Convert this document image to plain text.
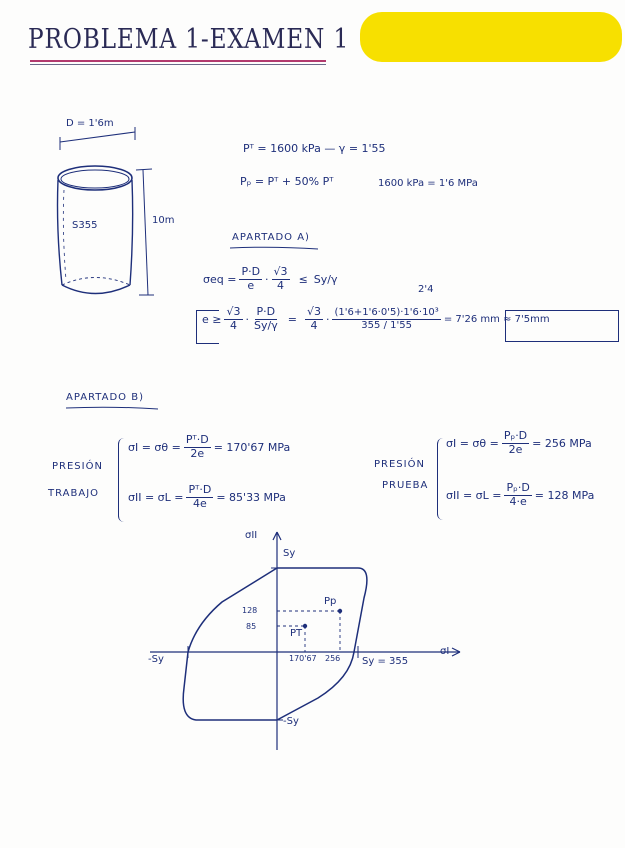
PROBLEMA 1-EXAMEN 1
D = 1'6m
10m
S355
Pᵀ = 1600 kPa — γ = 1'55
Pₚ = Pᵀ + 50% Pᵀ	1600 kPa = 1'6 MPa
APARTADO A)
$\sigma eq = \frac{P\cdot D}{e} \cdot \frac{√3}{4} \le Sy/\gamma$
2'4
$e \ge \frac{√3}{4} \cdot \frac{P\cdot D}{Sy/\gamma} = \frac{√3}{4} \cdot \frac{\text{(1'6+1'6·0'5)·1'6·10³}}{355 / 1'55} = 7'26$ mm ≈ 7'5mm
APARTADO B)
PRESIÓN
TRABAJO
$\sigma I = \sigma\theta = \frac{\text{Pᵀ·D}}{2e} = 170'67$ MPa
$\sigma II = \sigma L = \frac{\text{Pᵀ·D}}{4e} = 85'33$ MPa
PRESIÓN
PRUEBA
$\sigma I = \sigma\theta = \frac{\text{Pₚ·D}}{2e} = 256$ MPa
$\sigma II = \sigma L = \frac{\text{Pₚ·D}}{4\cdot e} = 128$ MPa
σII
σI
Sy
-Sy
-Sy	Sy = 355
128
85
170'67 256
Pp
PT
